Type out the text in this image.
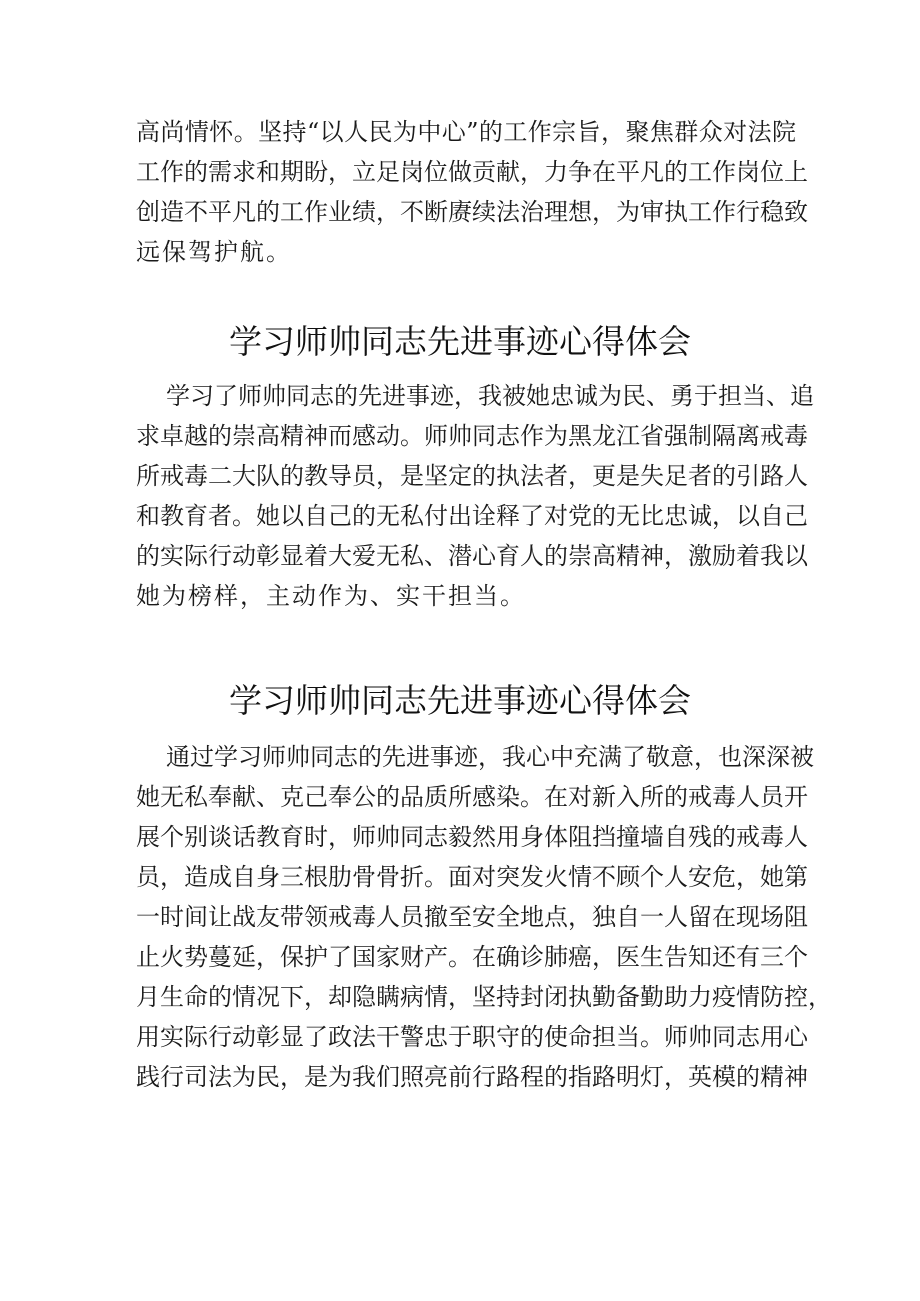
高尚情怀。坚持“以人民为中心”的工作宗旨，聚焦群众对法院
工作的需求和期盼，立足岗位做贡献，力争在平凡的工作岗位上
创造不平凡的工作业绩，不断赓续法治理想，为审执工作行稳致
远保驾护航。
学习师帅同志先进事迹心得体会
学习了师帅同志的先进事迹，我被她忠诚为民、勇于担当、追
求卓越的崇高精神而感动。师帅同志作为黑龙江省强制隔离戒毒
所戒毒二大队的教导员，是坚定的执法者，更是失足者的引路人
和教育者。她以自己的无私付出诠释了对党的无比忠诚，以自己
的实际行动彰显着大爱无私、潜心育人的崇高精神，激励着我以
她为榜样，主动作为、实干担当。
学习师帅同志先进事迹心得体会
通过学习师帅同志的先进事迹，我心中充满了敬意，也深深被
她无私奉献、克己奉公的品质所感染。在对新入所的戒毒人员开
展个别谈话教育时，师帅同志毅然用身体阻挡撞墙自残的戒毒人
员，造成自身三根肋骨骨折。面对突发火情不顾个人安危，她第
一时间让战友带领戒毒人员撤至安全地点，独自一人留在现场阻
止火势蔓延，保护了国家财产。在确诊肺癌，医生告知还有三个
月生命的情况下，却隐瞒病情，坚持封闭执勤备勤助力疫情防控，
用实际行动彰显了政法干警忠于职守的使命担当。师帅同志用心
践行司法为民，是为我们照亮前行路程的指路明灯，英模的精神
